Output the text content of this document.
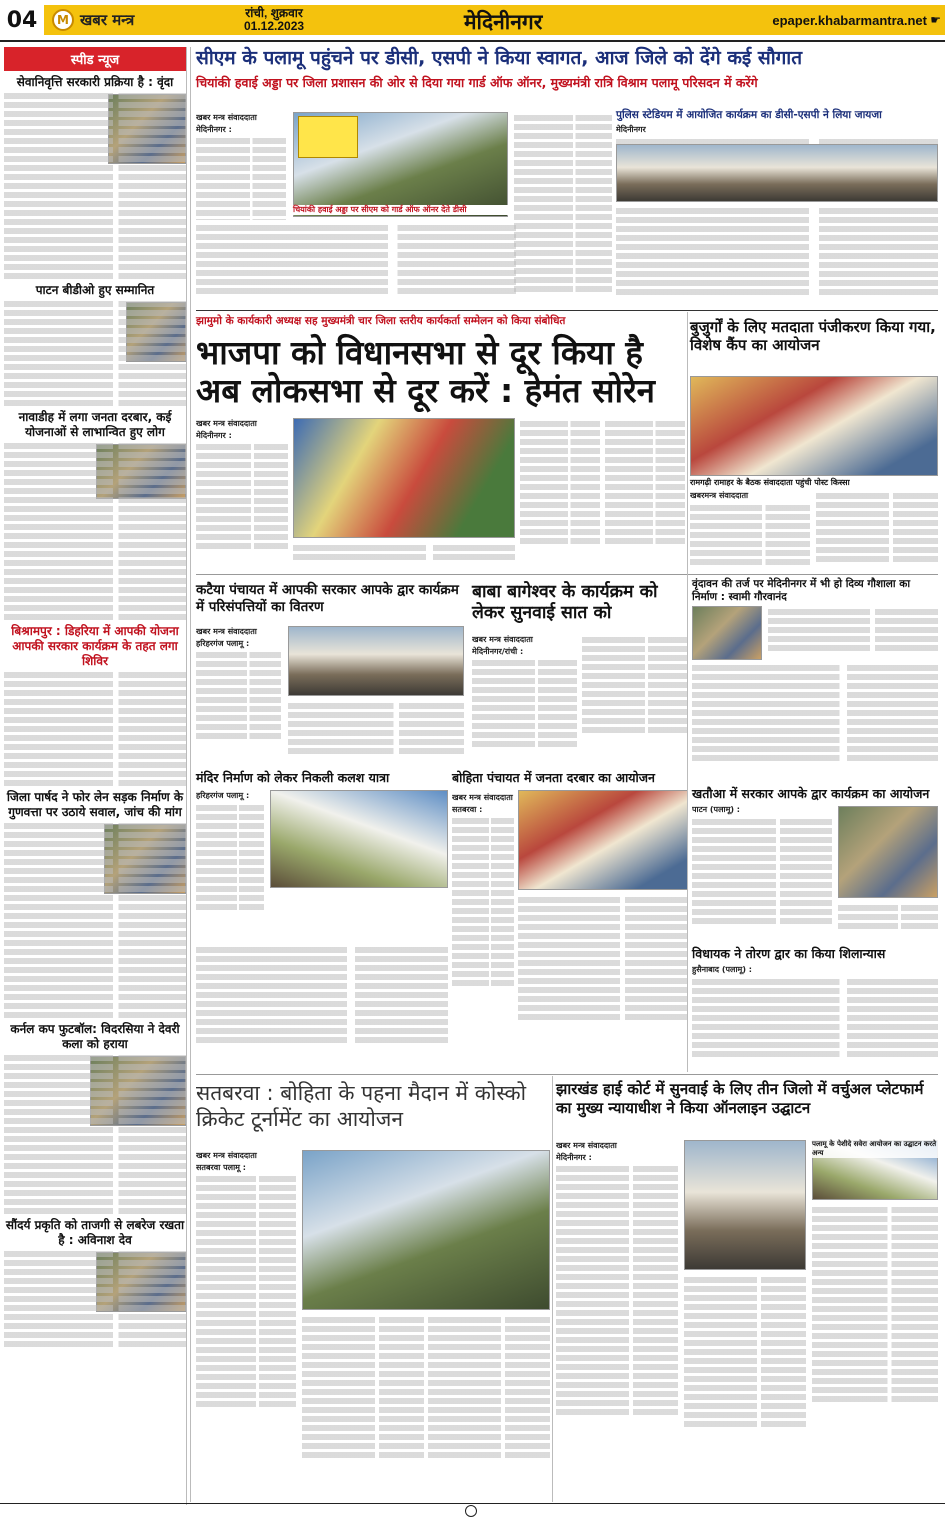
04	M खबर मन्त्र	रांची, शुक्रवार
01.12.2023	मेदिनीनगर	epaper.khabarmantra.net ☛
स्पीड न्यूज
सेवानिवृत्ति सरकारी प्रक्रिया है : वृंदा
पाटन बीडीओ हुए सम्मानित
नावाडीह में लगा जनता दरबार, कई योजनाओं से लाभान्वित हुए लोग
बिश्रामपुर : डिहरिया में आपकी योजना आपकी सरकार कार्यक्रम के तहत लगा शिविर
जिला पार्षद ने फोर लेन सड़क निर्माण के गुणवत्ता पर उठाये सवाल, जांच की मांग
कर्नल कप फुटबॉल: विदरसिया ने देवरी कला को हराया
सौंदर्य प्रकृति को ताजगी से लबरेज रखता है : अविनाश देव
सीएम के पलामू पहुंचने पर डीसी, एसपी ने किया स्वागत, आज जिले को देंगे कई सौगात
चियांकी हवाई अड्डा पर जिला प्रशासन की ओर से दिया गया गार्ड ऑफ ऑनर, मुख्यमंत्री रात्रि विश्राम पलामू परिसदन में करेंगे
खबर मन्त्र संवाददाता
मेदिनीनगर :
चियांकी हवाई अड्डा पर सीएम को गार्ड ऑफ ऑनर देते डीसी
पुलिस स्टेडियम में आयोजित कार्यक्रम का डीसी-एसपी ने लिया जायजा
मेदिनीनगर
झामुमो के कार्यकारी अध्यक्ष सह मुख्यमंत्री चार जिला स्तरीय कार्यकर्ता सम्मेलन को किया संबोधित
भाजपा को विधानसभा से दूर किया है अब लोकसभा से दूर करें : हेमंत सोरेन
खबर मन्त्र संवाददाता
मेदिनीनगर :
बुजुर्गों के लिए मतदाता पंजीकरण किया गया, विशेष कैंप का आयोजन
रामगढ़ी रामाहर के बैठक संवाददाता पहुंची पोस्ट किस्सा
खबरमन्त्र संवाददाता
कटैया पंचायत में आपकी सरकार आपके द्वार कार्यक्रम में परिसंपत्तियों का वितरण
खबर मन्त्र संवाददाता
हरिहरगंज पलामू :
बाबा बागेश्वर के कार्यक्रम को लेकर सुनवाई सात को
खबर मन्त्र संवाददाता
मेदिनीनगर/रांची :
वृंदावन की तर्ज पर मेदिनीनगर में भी हो दिव्य गौशाला का निर्माण : स्वामी गौरवानंद
खतौआ में सरकार आपके द्वार कार्यक्रम का आयोजन
पाटन (पलामू) :
विधायक ने तोरण द्वार का किया शिलान्यास
हुसैनाबाद (पलामू) :
मंदिर निर्माण को लेकर निकली कलश यात्रा
हरिहरगंज पलामू :
बोहिता पंचायत में जनता दरबार का आयोजन
खबर मन्त्र संवाददाता
सतबरवा :
सतबरवा : बोहिता के पहना मैदान में कोस्को क्रिकेट टूर्नामेंट का आयोजन
खबर मन्त्र संवाददाता
सतबरवा पलामू :
झारखंड हाई कोर्ट में सुनवाई के लिए तीन जिलो में वर्चुअल प्लेटफार्म का मुख्य न्यायाधीश ने किया ऑनलाइन उद्घाटन
खबर मन्त्र संवाददाता
मेदिनीनगर :
पलामू के पेशीदे सवेरा आयोजन का उद्घाटन करते अन्य
